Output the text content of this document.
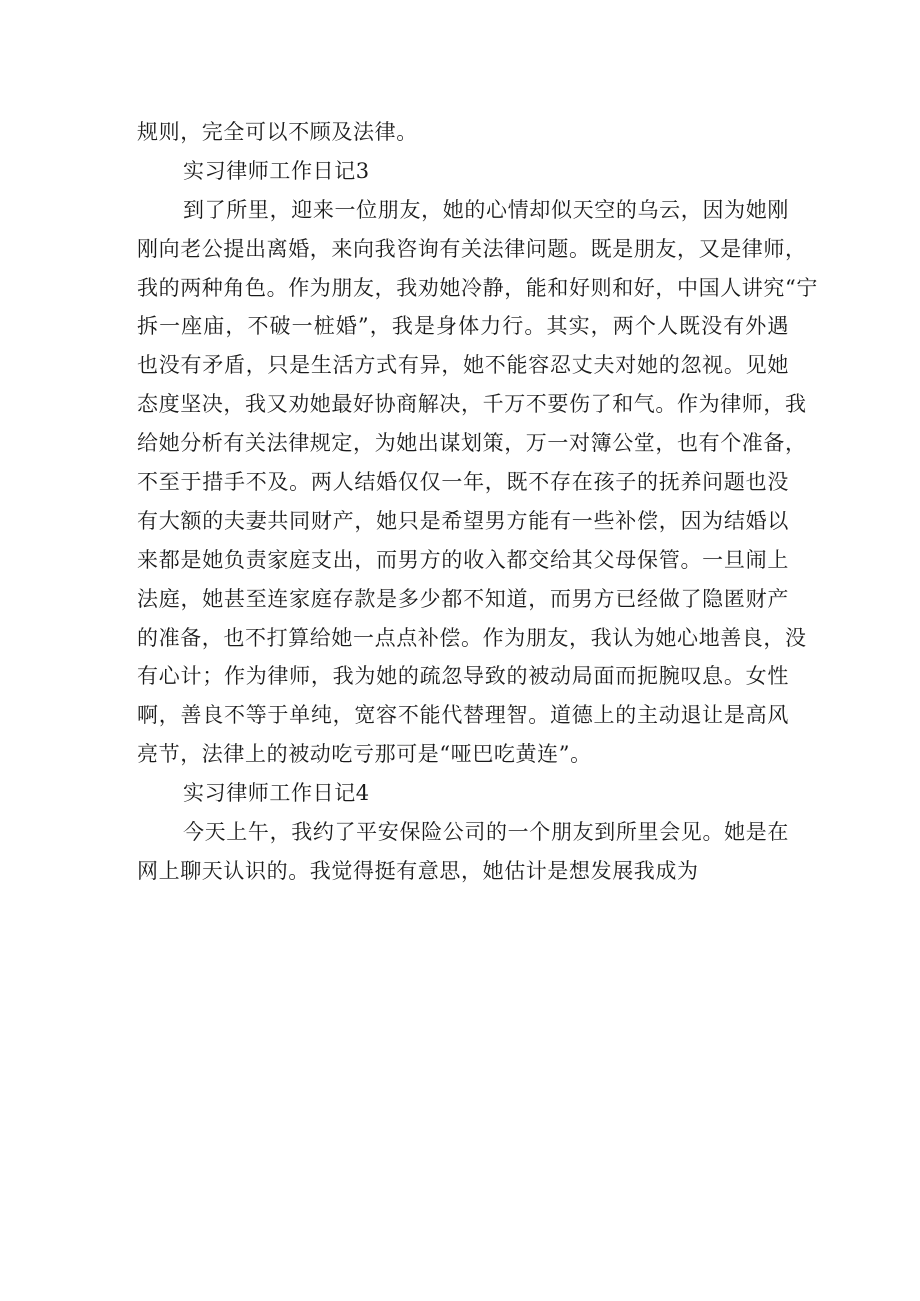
规则，完全可以不顾及法律。
实习律师工作日记3
到了所里，迎来一位朋友，她的心情却似天空的乌云，因为她刚
刚向老公提出离婚，来向我咨询有关法律问题。既是朋友，又是律师，
我的两种角色。作为朋友，我劝她冷静，能和好则和好，中国人讲究“宁
拆一座庙，不破一桩婚”，我是身体力行。其实，两个人既没有外遇
也没有矛盾，只是生活方式有异，她不能容忍丈夫对她的忽视。见她
态度坚决，我又劝她最好协商解决，千万不要伤了和气。作为律师，我
给她分析有关法律规定，为她出谋划策，万一对簿公堂，也有个准备，
不至于措手不及。两人结婚仅仅一年，既不存在孩子的抚养问题也没
有大额的夫妻共同财产，她只是希望男方能有一些补偿，因为结婚以
来都是她负责家庭支出，而男方的收入都交给其父母保管。一旦闹上
法庭，她甚至连家庭存款是多少都不知道，而男方已经做了隐匿财产
的准备，也不打算给她一点点补偿。作为朋友，我认为她心地善良，没
有心计；作为律师，我为她的疏忽导致的被动局面而扼腕叹息。女性
啊，善良不等于单纯，宽容不能代替理智。道德上的主动退让是高风
亮节，法律上的被动吃亏那可是“哑巴吃黄连”。
实习律师工作日记4
今天上午，我约了平安保险公司的一个朋友到所里会见。她是在
网上聊天认识的。我觉得挺有意思，她估计是想发展我成为
